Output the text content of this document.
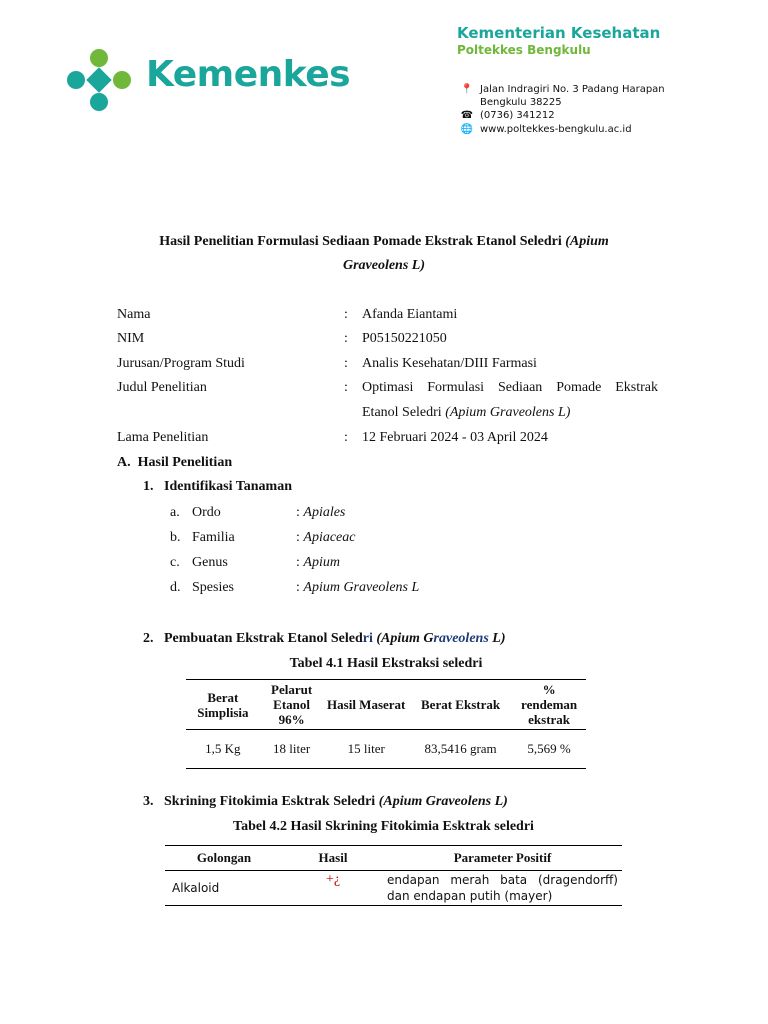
Kemenkes
Kementerian Kesehatan
Poltekkes Bengkulu
📍 Jalan Indragiri No. 3 Padang Harapan
Bengkulu 38225
☎ (0736) 341212
🌐 www.poltekkes-bengkulu.ac.id
Hasil Penelitian Formulasi Sediaan Pomade Ekstrak Etanol Seledri (Apium
Graveolens L)
Nama	: Afanda Eiantami
NIM	: P05150221050
Jurusan/Program Studi	: Analis Kesehatan/DIII Farmasi
Judul Penelitian	: Optimasi Formulasi Sediaan Pomade Ekstrak
Etanol Seledri (Apium Graveolens L)
Lama Penelitian	: 12 Februari 2024 - 03 April 2024
A.  Hasil Penelitian
1.   Identifikasi Tanaman
a. Ordo	: Apiales
b. Familia	: Apiaceac
c. Genus	: Apium
d. Spesies	: Apium Graveolens L
2.   Pembuatan Ekstrak Etanol Seledri (Apium Graveolens L)
Tabel 4.1 Hasil Ekstraksi seledri
Berat Simplisia	Pelarut Etanol 96%	Hasil Maserat	Berat Ekstrak	% rendeman ekstrak
1,5 Kg	18 liter	15 liter	83,5416 gram	5,569 %
3.   Skrining Fitokimia Esktrak Seledri (Apium Graveolens L)
Tabel 4.2 Hasil Skrining Fitokimia Esktrak seledri
Golongan	Hasil	Parameter Positif
Alkaloid	+¿	endapan merah bata (dragendorff) dan endapan putih (mayer)
